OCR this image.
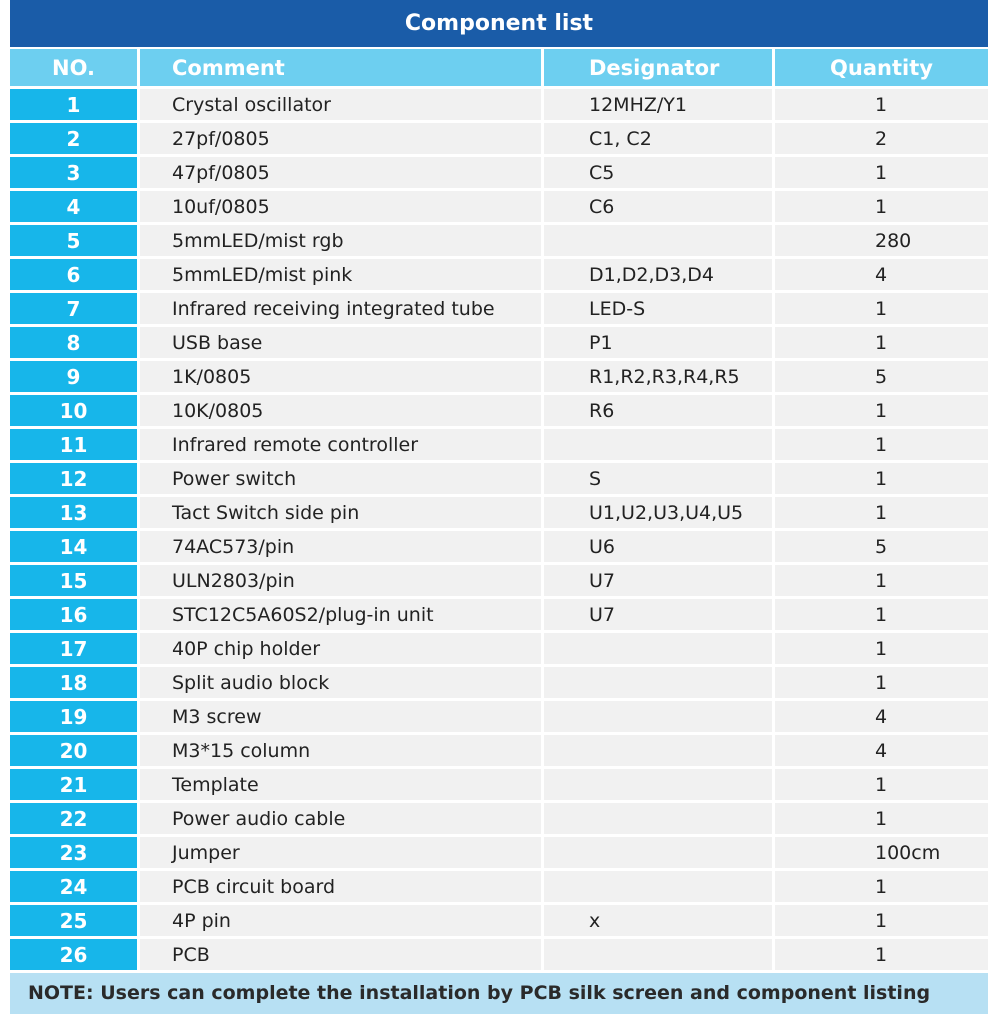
Component list
NO.	Comment	Designator	Quantity
1	Crystal oscillator	12MHZ/Y1	1
2	27pf/0805	C1, C2	2
3	47pf/0805	C5	1
4	10uf/0805	C6	1
5	5mmLED/mist rgb		280
6	5mmLED/mist pink	D1,D2,D3,D4	4
7	Infrared receiving integrated tube	LED-S	1
8	USB base	P1	1
9	1K/0805	R1,R2,R3,R4,R5	5
10	10K/0805	R6	1
11	Infrared remote controller		1
12	Power switch	S	1
13	Tact Switch side pin	U1,U2,U3,U4,U5	1
14	74AC573/pin	U6	5
15	ULN2803/pin	U7	1
16	STC12C5A60S2/plug-in unit	U7	1
17	40P chip holder		1
18	Split audio block		1
19	M3 screw		4
20	M3*15 column		4
21	Template		1
22	Power audio cable		1
23	Jumper		100cm
24	PCB circuit board		1
25	4P pin	x	1
26	PCB		1
NOTE: Users can complete the installation by PCB silk screen and component listing
